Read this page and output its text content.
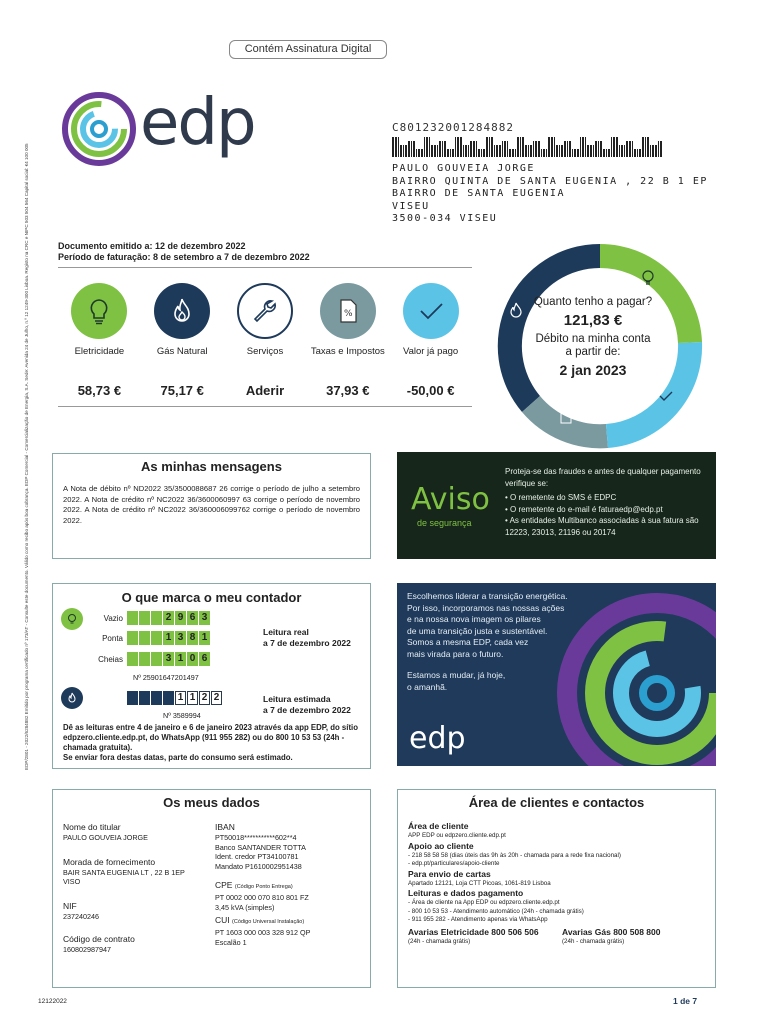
Contém Assinatura Digital
edp	C801232001284882
PAULO GOUVEIA JORGE
BAIRRO QUINTA DE SANTA EUGENIA , 22 B 1 EP
BAIRRO DE SANTA EUGENIA
VISEU
3500-034 VISEU
Documento emitido a: 12 de dezembro 2022
Período de faturação: 8 de setembro a 7 de dezembro 2022
Eletricidade
58,73 €
Gás Natural
75,17 €
Serviços
Aderir
%
Taxas e Impostos
37,93 €
Valor já pago
-50,00 €
Quanto tenho a pagar?
121,83 €
Débito na minha conta a partir de:
2 jan 2023
EDP/2801 - 2022/6284882 Emitido por programa certificado nº 173/AT - Consulte este documento. Válido como recibo após boa cobrança. EDP Comercial - Comercialização de Energia, S.A. Sede: Avenida 24 de Julho, n.º 12 1249-300 Lisboa. Registo na CRC e NIPC 503 504 564 Capital social: €4 100 005	As minhas mensagens

A Nota de débito nº ND2022 35/3500088687 26 corrige o período de julho a setembro 2022. A Nota de crédito nº NC2022 36/3600060997 63 corrige o período de novembro 2022. A Nota de crédito nº NC2022 36/360006099762 corrige o período de novembro 2022.

Aviso
de segurança
Proteja-se das fraudes e antes de qualquer pagamento verifique se:
• O remetente do SMS é EDPC
• O remetente do e-mail é faturaedp@edp.pt
• As entidades Multibanco associadas à sua fatura são 12223, 23013, 21196 ou 20174
O que marca o meu contador
Vazio	2 9 6 3
Ponta	1 3 8 1
Cheias	3 1 0 6
Nº 25901647201497
Leitura real
a 7 de dezembro 2022
1 1 2 2
Nº 3589994
Leitura estimada
a 7 de dezembro 2022
Dê as leituras entre 4 de janeiro e 6 de janeiro 2023 através da app EDP, do sítio edpzero.cliente.edp.pt, do WhatsApp (911 955 282) ou do 800 10 53 53 (24h - chamada gratuita).
Se enviar fora destas datas, parte do consumo será estimado.
Escolhemos liderar a transição energética.
Por isso, incorporamos nas nossas ações
e na nossa nova imagem os pilares
de uma transição justa e sustentável.
Somos a mesma EDP, cada vez
mais virada para o futuro.
Estamos a mudar, já hoje,
o amanhã.
edp
Os meus dados
Nome do titular
PAULO GOUVEIA JORGE
Morada de fornecimento
BAIR SANTA EUGENIA LT , 22 B 1EP
VISO
NIF
237240246
Código de contrato
160802987947
IBAN
PT50018***********602**4
Banco SANTANDER TOTTA
Ident. credor PT34100781
Mandato P1610002951438
CPE (Código Ponto Entrega)
PT 0002 000 070 810 801 FZ
3,45 kVA (simples)
CUI (Código Universal Instalação)
PT 1603 000 003 328 912 QP
Escalão 1
Área de clientes e contactos
Área de cliente
APP EDP ou edpzero.cliente.edp.pt
Apoio ao cliente
- 218 58 58 58 (dias úteis das 9h às 20h - chamada para a rede fixa nacional)
- edp.pt/particulares/apoio-cliente
Para envio de cartas
Apartado 12121, Loja CTT Picoas, 1061-819 Lisboa
Leituras e dados pagamento
- Área de cliente na App EDP ou edpzero.cliente.edp.pt
- 800 10 53 53 - Atendimento automático (24h - chamada grátis)
- 911 955 282 - Atendimento apenas via WhatsApp
Avarias Eletricidade 800 506 506
(24h - chamada grátis)
Avarias Gás 800 508 800
(24h - chamada grátis)
12122022	1 de 7
